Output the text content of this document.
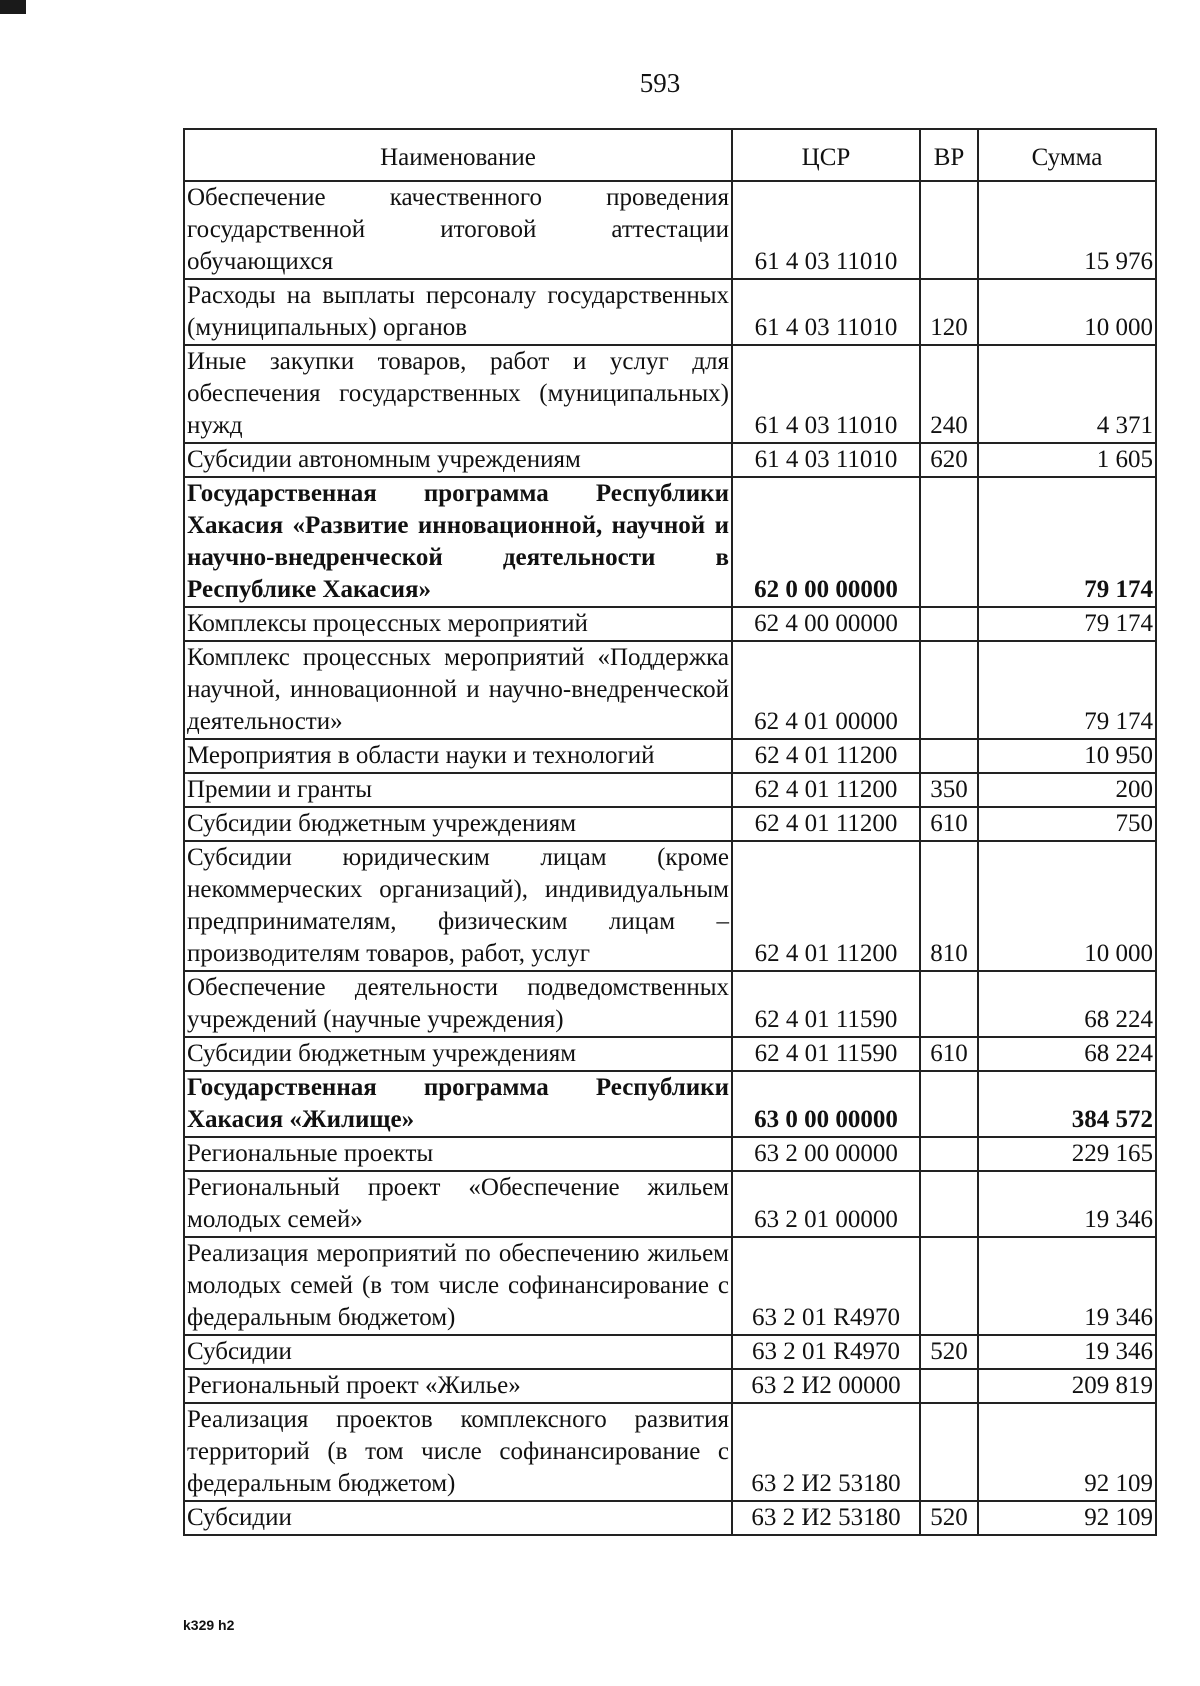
593
Наименование	ЦСР	ВР	Сумма
Обеспечение качественного проведения государственной итоговой аттестации обучающихся	61 4 03 11010		15 976
Расходы на выплаты персоналу государственных (муниципальных) органов	61 4 03 11010	120	10 000
Иные закупки товаров, работ и услуг для обеспечения государственных (муниципальных) нужд	61 4 03 11010	240	4 371
Субсидии автономным учреждениям	61 4 03 11010	620	1 605
Государственная программа Республики Хакасия «Развитие инновационной, научной и научно-внедренческой деятельности в Республике Хакасия»	62 0 00 00000		79 174
Комплексы процессных мероприятий	62 4 00 00000		79 174
Комплекс процессных мероприятий «Поддержка научной, инновационной и научно-внедренческой деятельности»	62 4 01 00000		79 174
Мероприятия в области науки и технологий	62 4 01 11200		10 950
Премии и гранты	62 4 01 11200	350	200
Субсидии бюджетным учреждениям	62 4 01 11200	610	750
Субсидии юридическим лицам (кроме некоммерческих организаций), индивидуальным предпринимателям, физическим лицам – производителям товаров, работ, услуг	62 4 01 11200	810	10 000
Обеспечение деятельности подведомственных учреждений (научные учреждения)	62 4 01 11590		68 224
Субсидии бюджетным учреждениям	62 4 01 11590	610	68 224
Государственная программа Республики Хакасия «Жилище»	63 0 00 00000		384 572
Региональные проекты	63 2 00 00000		229 165
Региональный проект «Обеспечение жильем молодых семей»	63 2 01 00000		19 346
Реализация мероприятий по обеспечению жильем молодых семей (в том числе софинансирование с федеральным бюджетом)	63 2 01 R4970		19 346
Субсидии	63 2 01 R4970	520	19 346
Региональный проект «Жилье»	63 2 И2 00000		209 819
Реализация проектов комплексного развития территорий (в том числе софинансирование с федеральным бюджетом)	63 2 И2 53180		92 109
Субсидии	63 2 И2 53180	520	92 109
k329 h2
